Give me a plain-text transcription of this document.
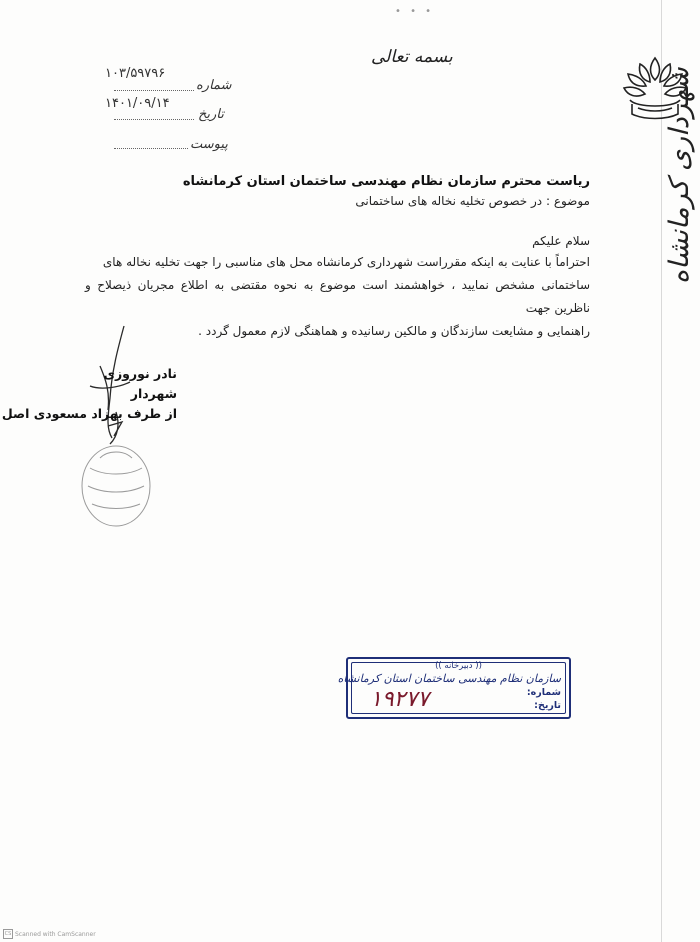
• • •
شهرداری کرمانشاه
بسمه تعالی
۱۰۳/۵۹۷۹۶
شماره
۱۴۰۱/۰۹/۱۴
تاریخ
پیوست
ریاست محترم سازمان نظام مهندسی ساختمان استان کرمانشاه
موضوع : در خصوص تخلیه نخاله های ساختمانی
سلام علیکم

احتراماً با عنایت به اینکه مقرراست شهرداری کرمانشاه محل های مناسبی را جهت تخلیه نخاله های

ساختمانی مشخص نمایید ، خواهشمند است موضوع به نحوه مقتضی به اطلاع مجریان ذیصلاح و ناظرین جهت

راهنمایی و مشایعت سازندگان و مالکین رسانیده و هماهنگی لازم معمول گردد .

نادر نوروزی
شهردار
از طرف بهزاد مسعودی اصل
(( دبیرخانه ))
سازمان نظام مهندسی ساختمان استان کرمانشاه
شماره:
تاریخ:
۱۹۲۷۷
CS Scanned with CamScanner
